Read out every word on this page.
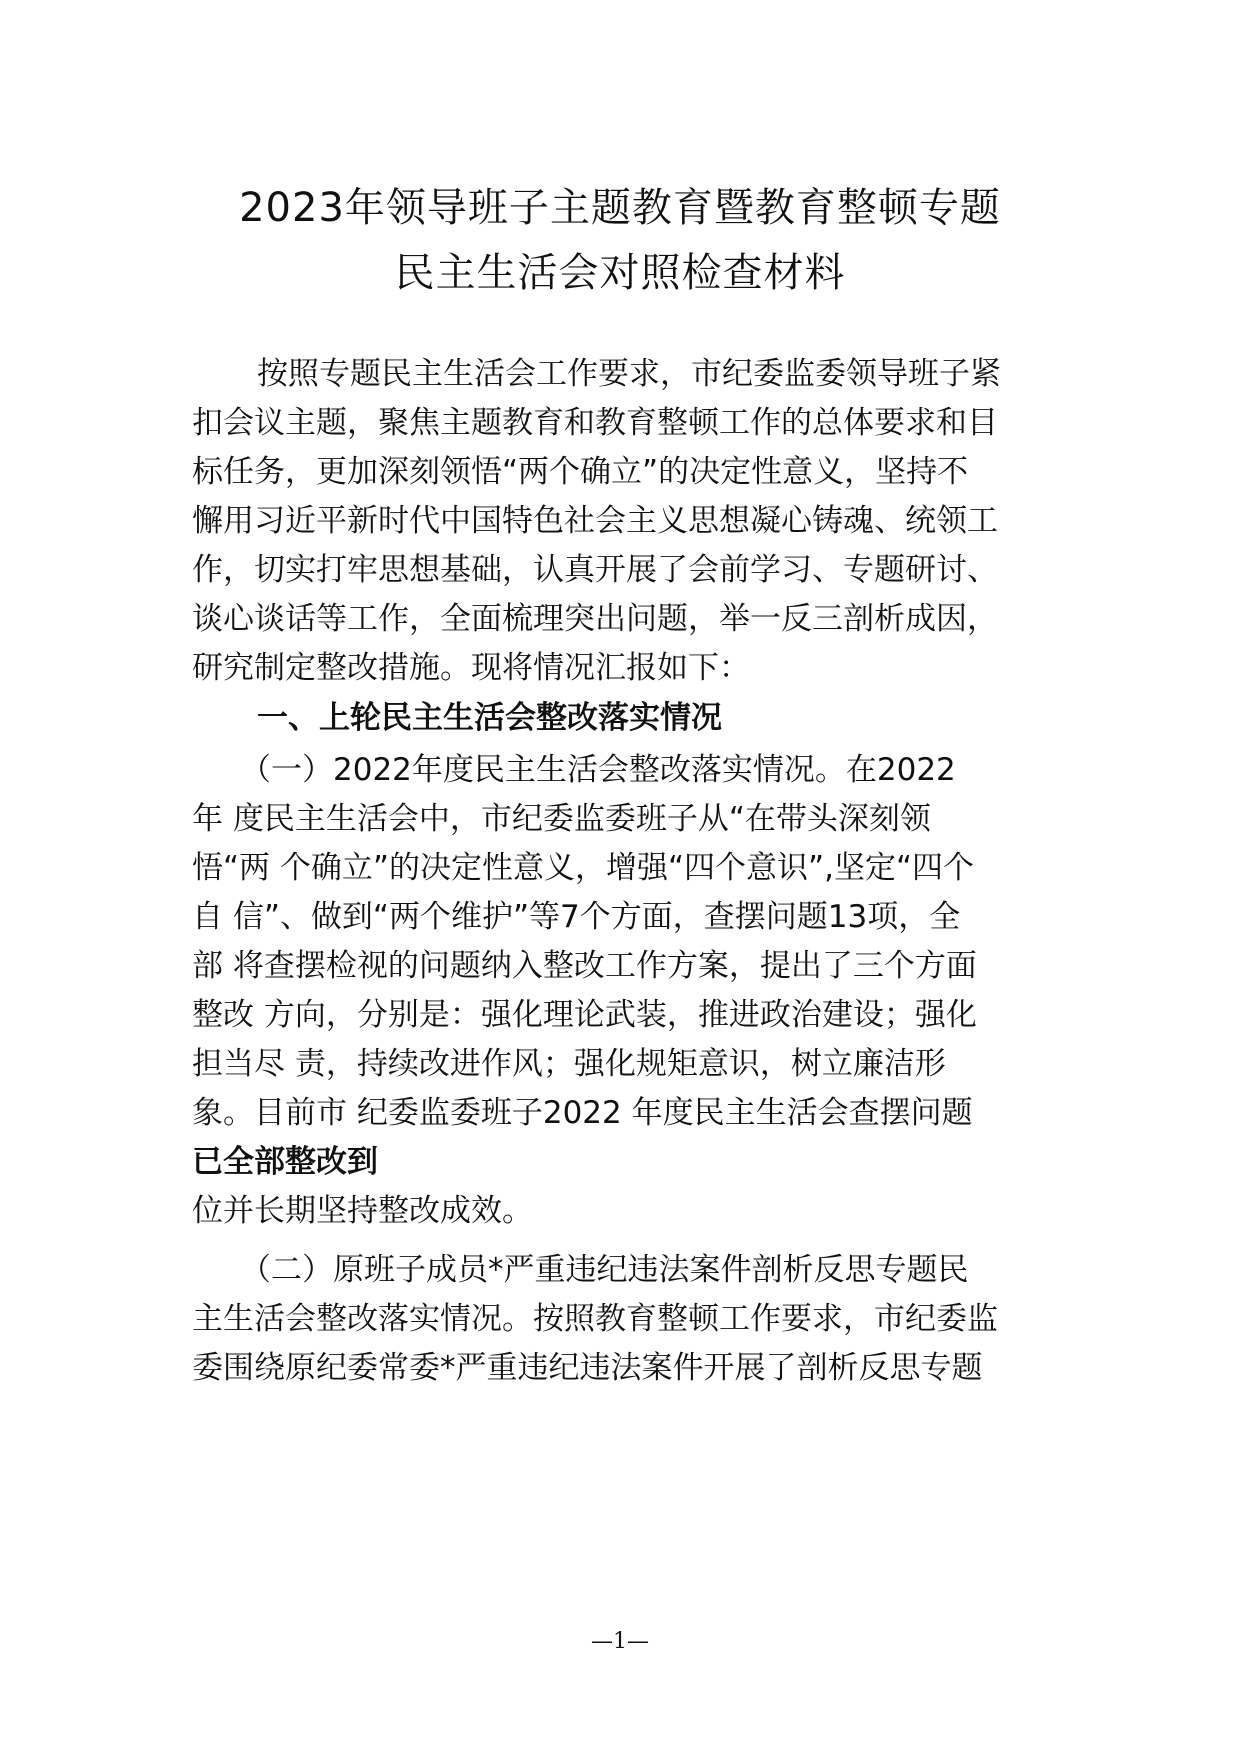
2023年领导班子主题教育暨教育整顿专题
民主生活会对照检查材料
按照专题民主生活会工作要求，市纪委监委领导班子紧
扣会议主题，聚焦主题教育和教育整顿工作的总体要求和目
标任务，更加深刻领悟“两个确立”的决定性意义，坚持不
懈用习近平新时代中国特色社会主义思想凝心铸魂、统领工
作，切实打牢思想基础，认真开展了会前学习、专题研讨、
谈心谈话等工作，全面梳理突出问题，举一反三剖析成因，
研究制定整改措施。现将情况汇报如下：
一、上轮民主生活会整改落实情况
（一）2022年度民主生活会整改落实情况。在2022
年 度民主生活会中，市纪委监委班子从“在带头深刻领
悟“两 个确立”的决定性意义，增强“四个意识”,坚定“四个
自 信”、做到“两个维护”等7个方面，查摆问题13项，全
部 将查摆检视的问题纳入整改工作方案，提出了三个方面
整改 方向，分别是：强化理论武装，推进政治建设；强化
担当尽 责，持续改进作风；强化规矩意识，树立廉洁形
象。目前市 纪委监委班子2022 年度民主生活会查摆问题
已全部整改到
位并长期坚持整改成效。
（二）原班子成员*严重违纪违法案件剖析反思专题民
主生活会整改落实情况。按照教育整顿工作要求，市纪委监
委围绕原纪委常委*严重违纪违法案件开展了剖析反思专题
—1—
